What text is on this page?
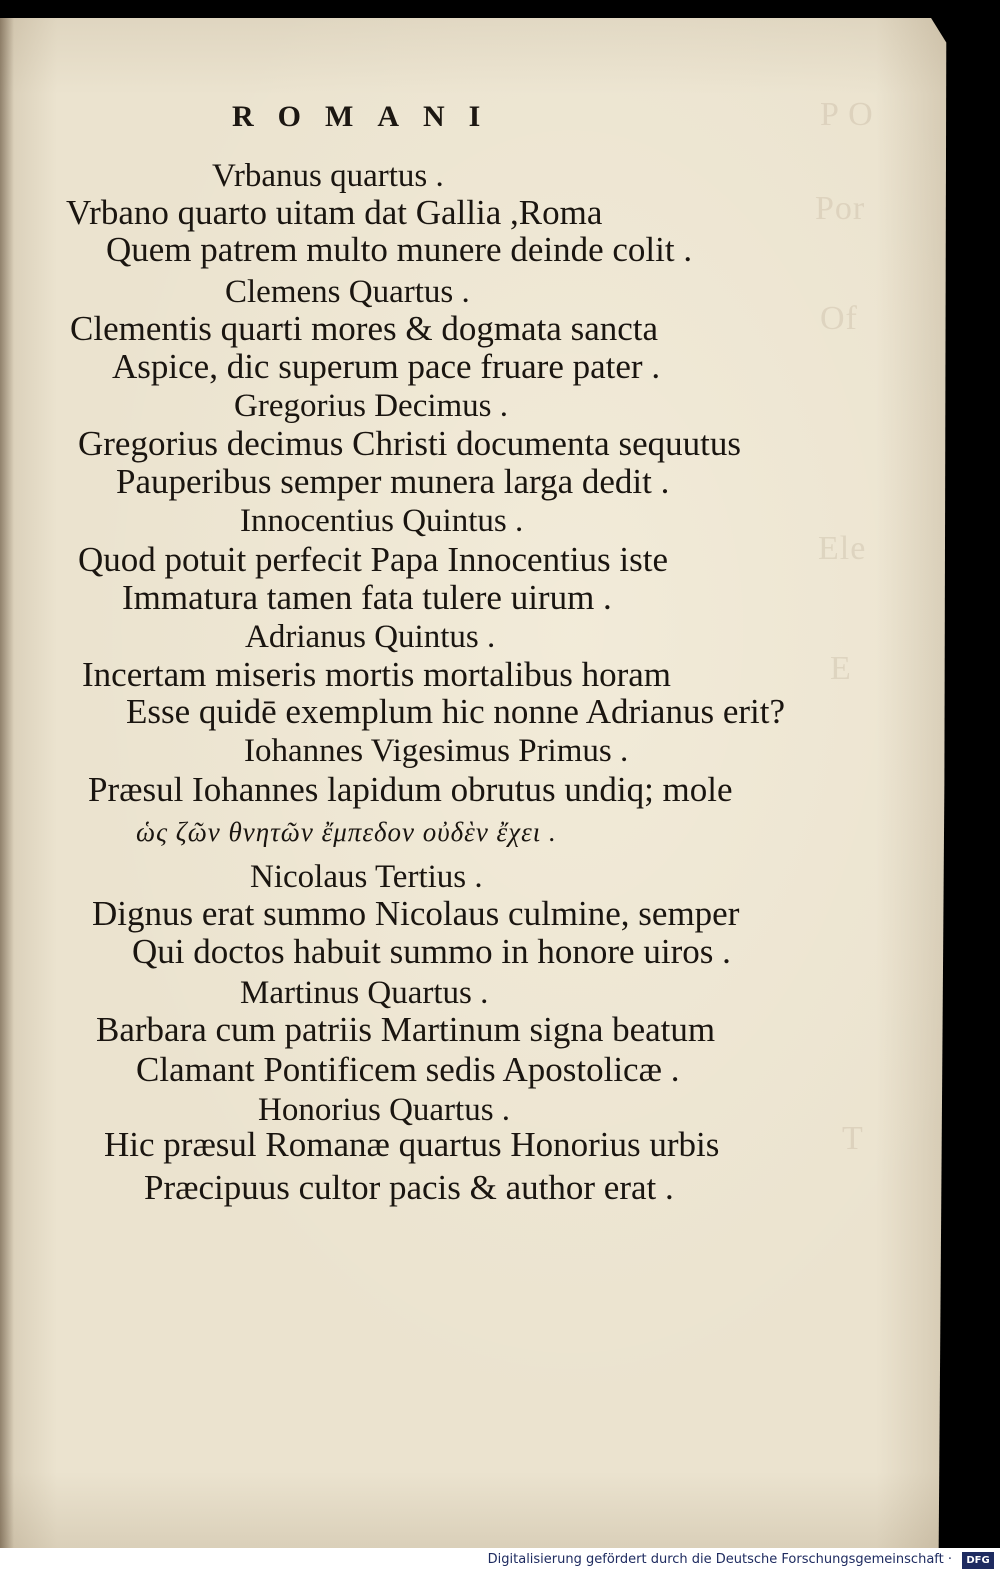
P O
Por
Of
Ele
E
T
ROMANI
Vrbanus quartus .
Vrbano quarto uitam dat Gallia ,Roma
Quem patrem multo munere deinde colit .
Clemens Quartus .
Clementis quarti mores & dogmata sancta
Aspice, dic superum pace fruare pater .
Gregorius Decimus .
Gregorius decimus Christi documenta sequutus
Pauperibus semper munera larga dedit .
Innocentius Quintus .
Quod potuit perfecit Papa Innocentius iste
Immatura tamen fata tulere uirum .
Adrianus Quintus .
Incertam miseris mortis mortalibus horam
Esse quidē exemplum hic nonne Adrianus erit?
Iohannes Vigesimus Primus .
Præsul Iohannes lapidum obrutus undiq; mole
ὡς ζῶν θνητῶν ἔμπεδον οὐδὲν ἔχει .
Nicolaus Tertius .
Dignus erat summo Nicolaus culmine, semper
Qui doctos habuit summo in honore uiros .
Martinus Quartus .
Barbara cum patriis Martinum signa beatum
Clamant Pontificem sedis Apostolicæ .
Honorius Quartus .
Hic præsul Romanæ quartus Honorius urbis
Præcipuus cultor pacis & author erat .
Digitalisierung gefördert durch die Deutsche Forschungsgemeinschaft ·	DFG
